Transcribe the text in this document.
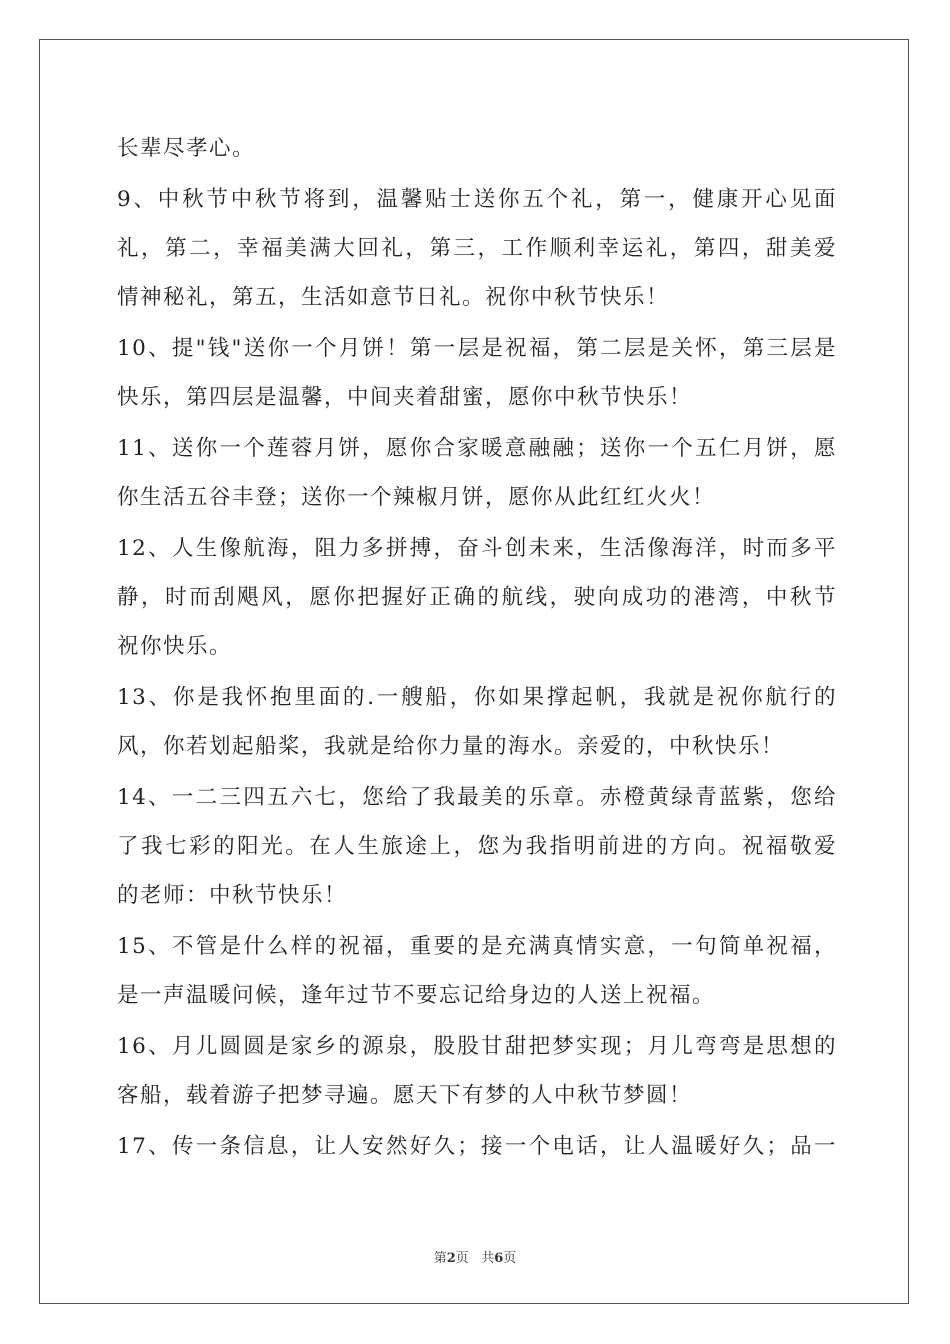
长辈尽孝心。
9、中秋节中秋节将到，温馨贴士送你五个礼，第一，健康开心见面
礼，第二，幸福美满大回礼，第三，工作顺利幸运礼，第四，甜美爱
情神秘礼，第五，生活如意节日礼。祝你中秋节快乐！
10、提"钱"送你一个月饼！第一层是祝福，第二层是关怀，第三层是
快乐，第四层是温馨，中间夹着甜蜜，愿你中秋节快乐！
11、送你一个莲蓉月饼，愿你合家暖意融融；送你一个五仁月饼，愿
你生活五谷丰登；送你一个辣椒月饼，愿你从此红红火火！
12、人生像航海，阻力多拼搏，奋斗创未来，生活像海洋，时而多平
静，时而刮飓风，愿你把握好正确的航线，驶向成功的港湾，中秋节
祝你快乐。
13、你是我怀抱里面的.一艘船，你如果撑起帆，我就是祝你航行的
风，你若划起船桨，我就是给你力量的海水。亲爱的，中秋快乐！
14、一二三四五六七，您给了我最美的乐章。赤橙黄绿青蓝紫，您给
了我七彩的阳光。在人生旅途上，您为我指明前进的方向。祝福敬爱
的老师：中秋节快乐！
15、不管是什么样的祝福，重要的是充满真情实意，一句简单祝福，
是一声温暖问候，逢年过节不要忘记给身边的人送上祝福。
16、月儿圆圆是家乡的源泉，股股甘甜把梦实现；月儿弯弯是思想的
客船，载着游子把梦寻遍。愿天下有梦的人中秋节梦圆！
17、传一条信息，让人安然好久；接一个电话，让人温暖好久；品一
第2页 共6页
